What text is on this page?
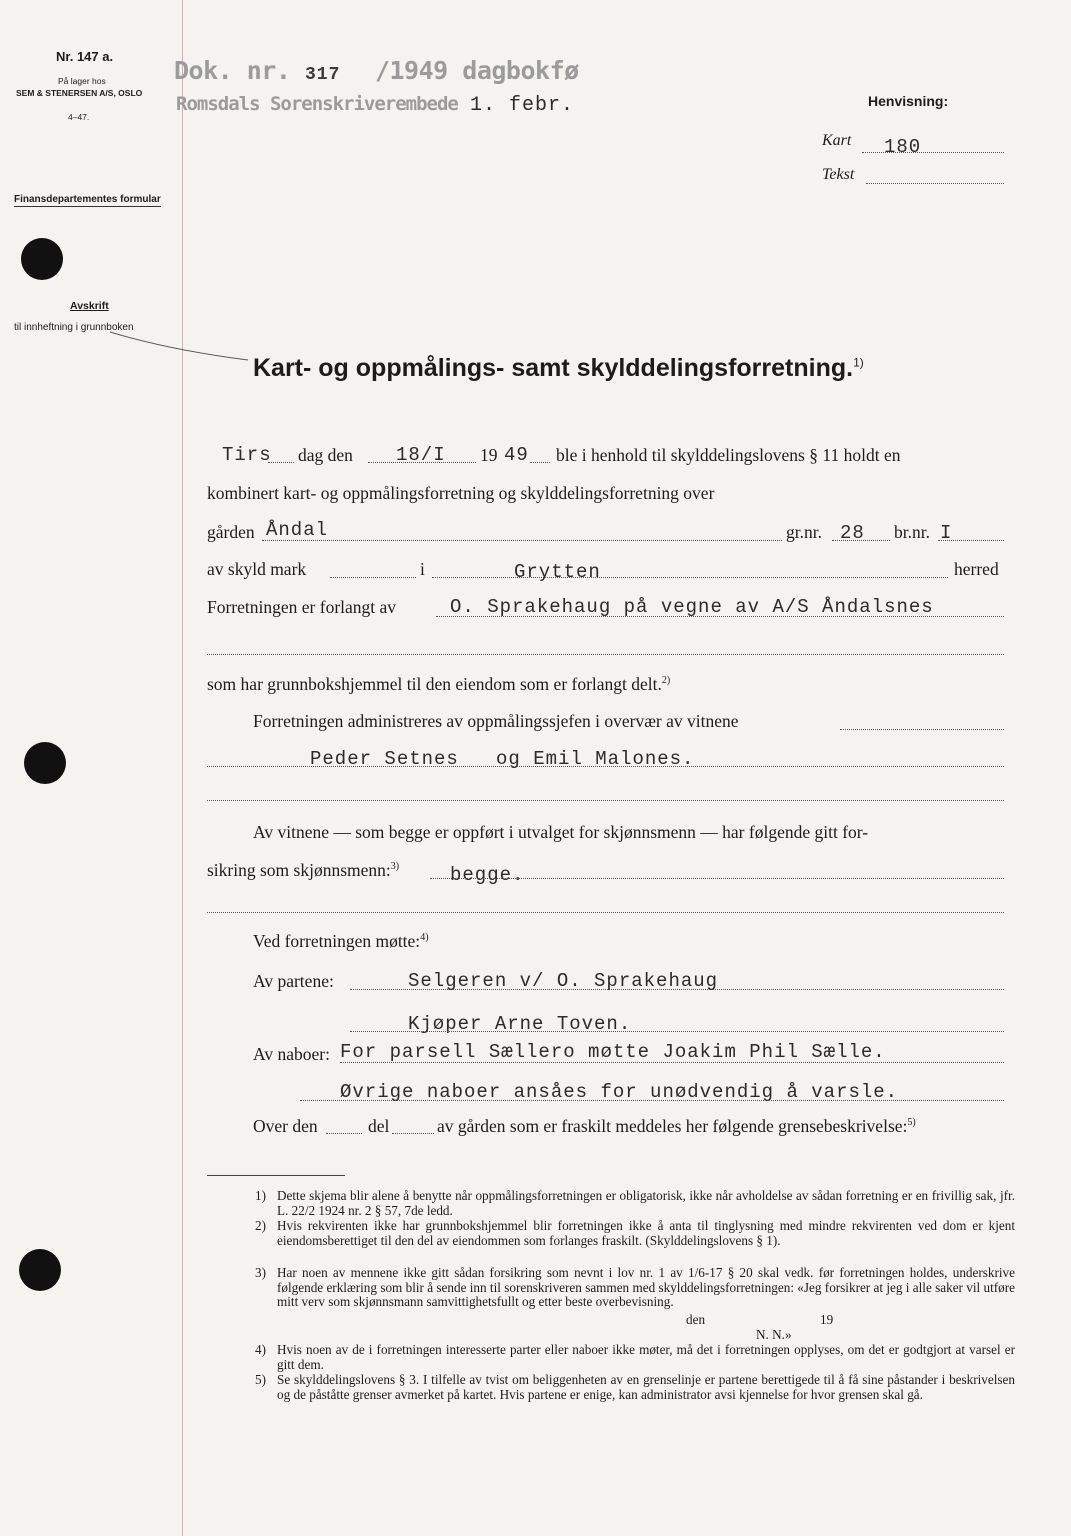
Nr. 147 a.
På lager hos
SEM & STENERSEN A/S, OSLO
4–47.
Finansdepartementes formular
Avskrift
til innheftning i grunnboken
Dok. nr. 317 /1949 dagbokfø
Romsdals Sorenskriverembede 1. febr.	Henvisning:
Kart 180
Tekst
Kart- og oppmålings- samt skylddelingsforretning.$^{1)}$
Tirs dag den 18/I 19 49 ble i henhold til skylddelingslovens § 11 holdt en
kombinert kart- og oppmålingsforretning og skylddelingsforretning over
gården Åndal	gr.nr. 28 br.nr. I
av skyld mark	i	Grytten	herred
Forretningen er forlangt av	O. Sprakehaug på vegne av A/S Åndalsnes
som har grunnbokshjemmel til den eiendom som er forlangt delt.$^{2)}$
Forretningen administreres av oppmålingssjefen i overvær av vitnene
Peder Setnes   og Emil Malones.
Av vitnene — som begge er oppført i utvalget for skjønnsmenn — har følgende gitt for-
sikring som skjønnsmenn:$^{3)}$	begge.
Ved forretningen møtte:$^{4)}$
Av partene:	Selgeren v/ O. Sprakehaug
Kjøper Arne Toven.
Av naboer: For parsell Sællero møtte Joakim Phil Sælle.
Øvrige naboer ansåes for unødvendig å varsle.
Over den	del	av gården som er fraskilt meddeles her følgende grensebeskrivelse:$^{5)}$
1) Dette skjema blir alene å benytte når oppmålingsforretningen er obligatorisk, ikke når avholdelse av sådan forretning er en frivillig sak, jfr. L. 22/2 1924 nr. 2 § 57, 7de ledd.
2) Hvis rekvirenten ikke har grunnbokshjemmel blir forretningen ikke å anta til tinglysning med mindre rekvirenten ved dom er kjent eiendomsberettiget til den del av eiendommen som forlanges fraskilt. (Skylddelingslovens § 1).
3) Har noen av mennene ikke gitt sådan forsikring som nevnt i lov nr. 1 av 1/6-17 § 20 skal vedk. før forretningen holdes, underskrive følgende erklæring som blir å sende inn til sorenskriveren sammen med skylddelingsforretningen: «Jeg forsikrer at jeg i alle saker vil utføre mitt verv som skjønnsmann samvittighetsfullt og etter beste overbevisning.
den	19
N. N.»
4) Hvis noen av de i forretningen interesserte parter eller naboer ikke møter, må det i forretningen opplyses, om det er godtgjort at varsel er gitt dem.
5) Se skylddelingslovens § 3. I tilfelle av tvist om beliggenheten av en grenselinje er partene berettigede til å få sine påstander i beskrivelsen og de påståtte grenser avmerket på kartet. Hvis partene er enige, kan administrator avsi kjennelse for hvor grensen skal gå.
